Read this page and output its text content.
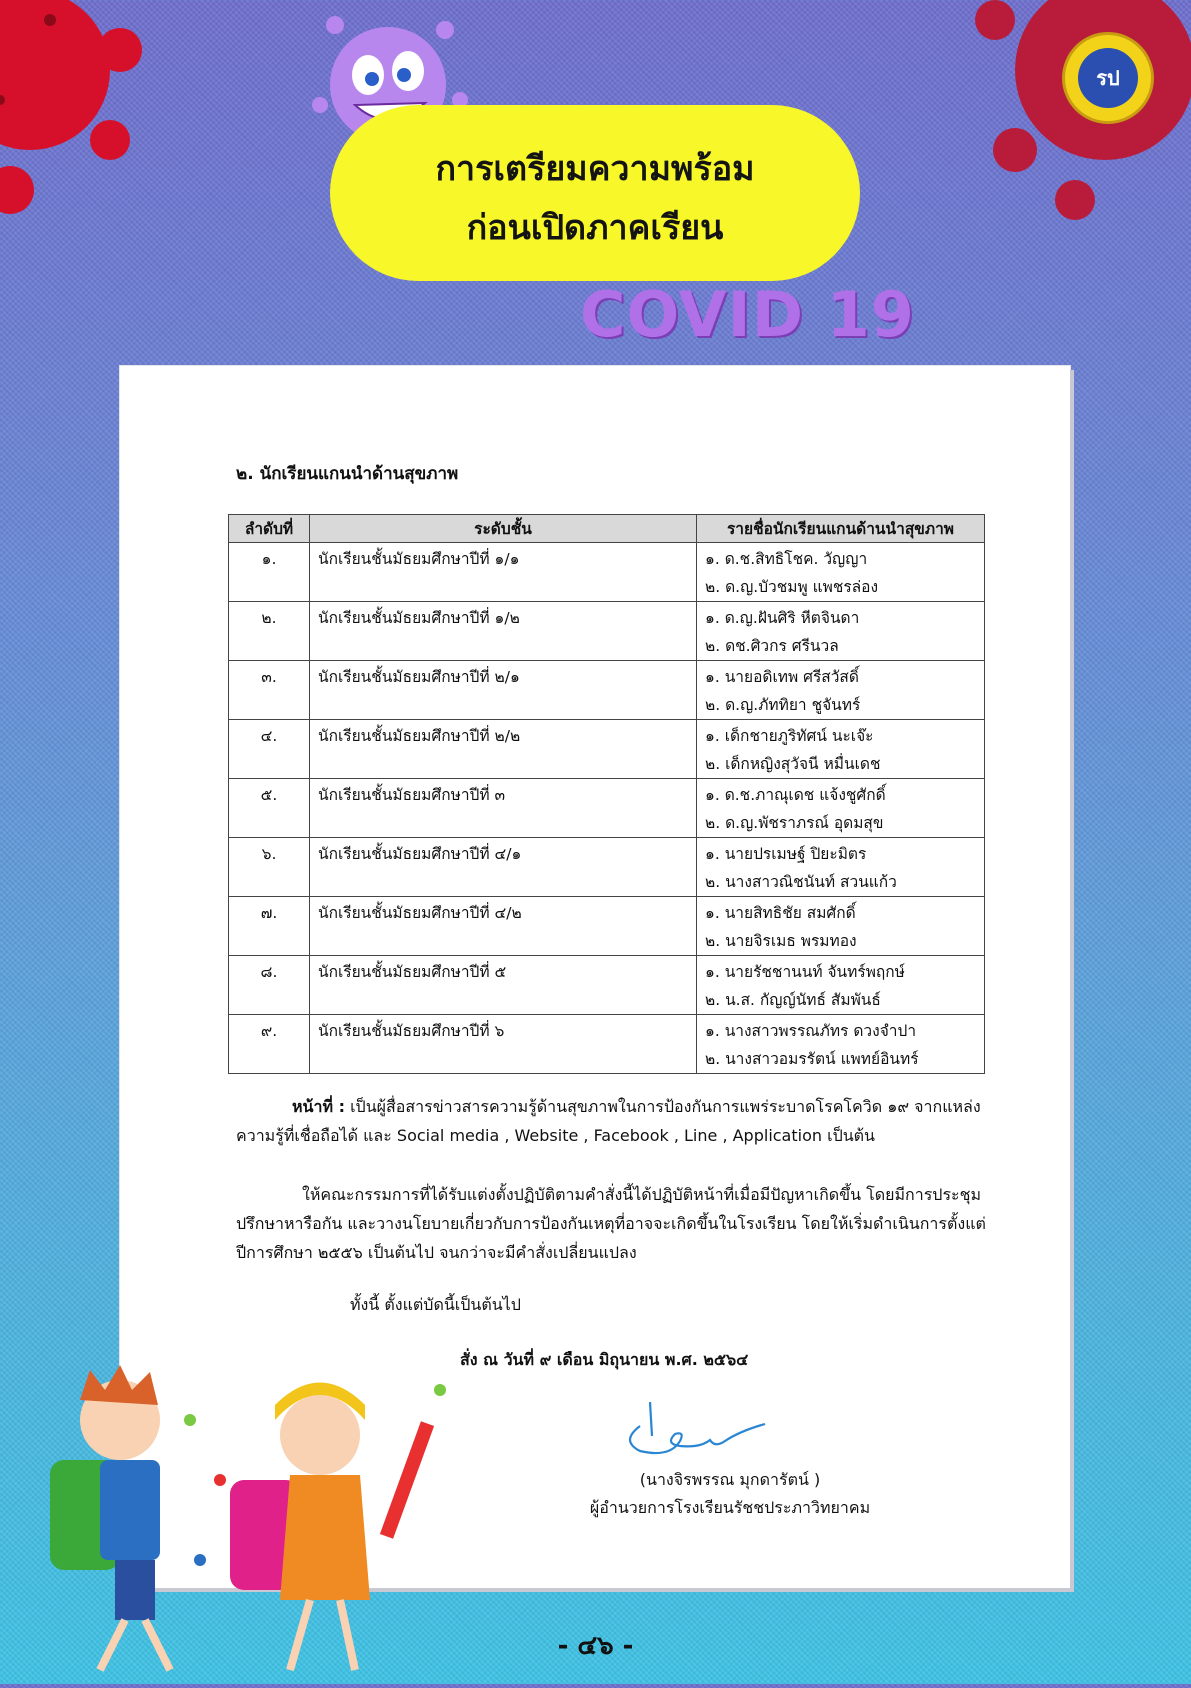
รป
การเตรียมความพร้อม
ก่อนเปิดภาคเรียน
COVID 19
๒. นักเรียนแกนนำด้านสุขภาพ
ลำดับที่	ระดับชั้น	รายชื่อนักเรียนแกนด้านนำสุขภาพ
๑.	นักเรียนชั้นมัธยมศึกษาปีที่ ๑/๑	๑. ด.ช.สิทธิโชค. วัญญา
๒. ด.ญ.บัวชมพู แพชรล่อง

๒.	นักเรียนชั้นมัธยมศึกษาปีที่ ๑/๒	๑. ด.ญ.ฝันศิริ หีตจินดา
๒. ดช.ศิวกร ศรีนวล

๓.	นักเรียนชั้นมัธยมศึกษาปีที่ ๒/๑	๑. นายอดิเทพ ศรีสวัสดิ์
๒. ด.ญ.ภัททิยา ชูจันทร์

๔.	นักเรียนชั้นมัธยมศึกษาปีที่ ๒/๒	๑. เด็กชายภูริทัศน์ นะเจ๊ะ
๒. เด็กหญิงสุวัจนี หมื่นเดช

๕.	นักเรียนชั้นมัธยมศึกษาปีที่ ๓	๑. ด.ช.ภาณุเดช แจ้งชูศักดิ์
๒. ด.ญ.พัชราภรณ์ อุดมสุข

๖.	นักเรียนชั้นมัธยมศึกษาปีที่ ๔/๑	๑. นายปรเมษฐ์ ปิยะมิตร
๒. นางสาวณิชนันท์ สวนแก้ว

๗.	นักเรียนชั้นมัธยมศึกษาปีที่ ๔/๒	๑. นายสิทธิชัย สมศักดิ์
๒. นายจิรเมธ พรมทอง

๘.	นักเรียนชั้นมัธยมศึกษาปีที่ ๕	๑. นายรัชชานนท์ จันทร์พฤกษ์
๒. น.ส. กัญญ์นัทธ์ สัมพันธ์

๙.	นักเรียนชั้นมัธยมศึกษาปีที่ ๖	๑. นางสาวพรรณภัทร ดวงจำปา
๒. นางสาวอมรรัตน์ แพทย์อินทร์
หน้าที่ : เป็นผู้สื่อสารข่าวสารความรู้ด้านสุขภาพในการป้องกันการแพร่ระบาดโรคโควิด ๑๙ จากแหล่ง
ความรู้ที่เชื่อถือได้ และ Social media , Website , Facebook , Line , Application เป็นต้น
ให้คณะกรรมการที่ได้รับแต่งตั้งปฏิบัติตามคำสั่งนี้ได้ปฏิบัติหน้าที่เมื่อมีปัญหาเกิดขึ้น โดยมีการประชุม
ปรึกษาหารือกัน และวางนโยบายเกี่ยวกับการป้องกันเหตุที่อาจจะเกิดขึ้นในโรงเรียน โดยให้เริ่มดำเนินการตั้งแต่
ปีการศึกษา ๒๕๕๖ เป็นต้นไป จนกว่าจะมีคำสั่งเปลี่ยนแปลง
ทั้งนี้ ตั้งแต่บัดนี้เป็นต้นไป
สั่ง ณ วันที่ ๙ เดือน มิถุนายน พ.ศ. ๒๕๖๔
(นางจิรพรรณ มุกดารัตน์ )
ผู้อำนวยการโรงเรียนรัชชประภาวิทยาคม
- ๔๖ -
